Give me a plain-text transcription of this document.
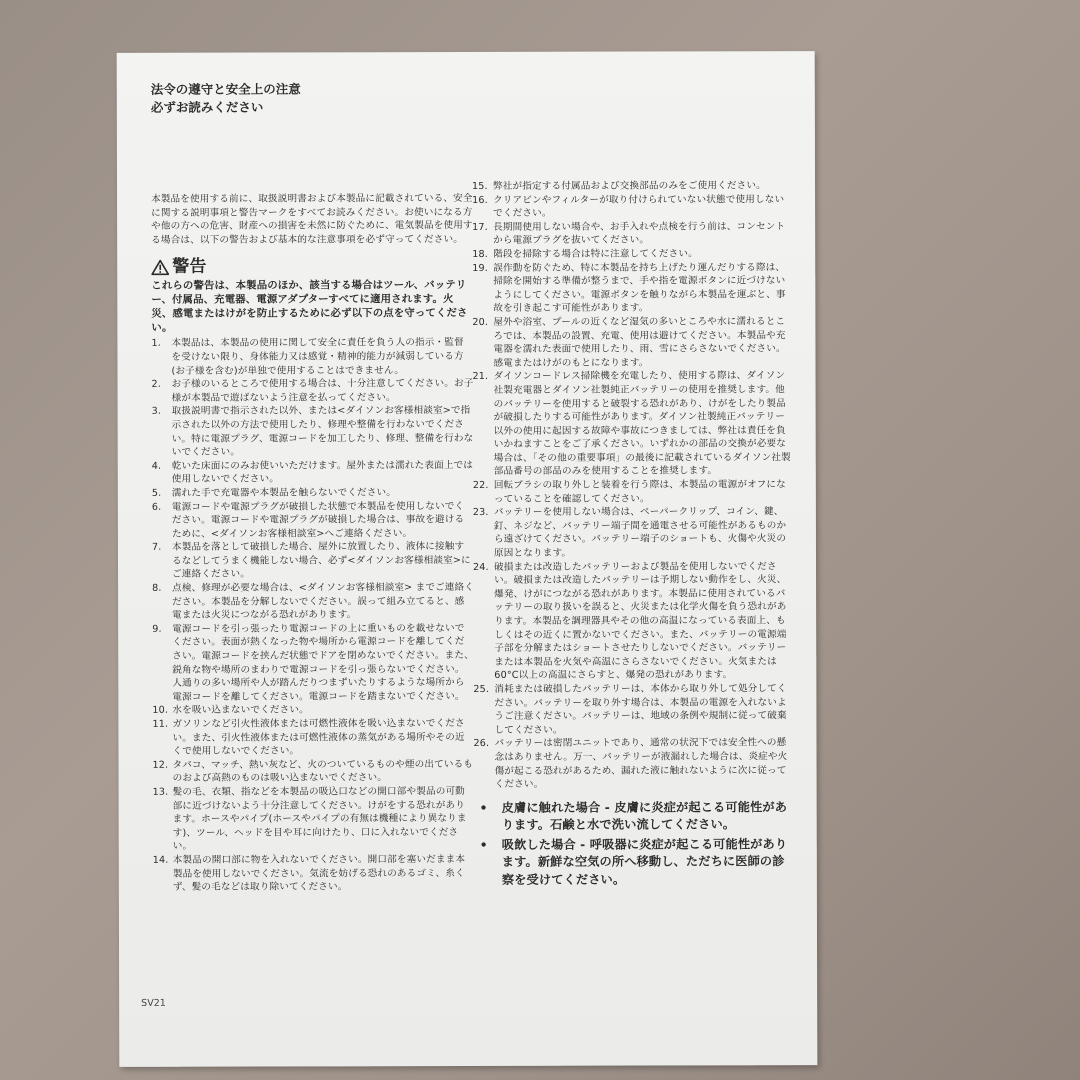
法令の遵守と安全上の注意
必ずお読みください

本製品を使用する前に、取扱説明書および本製品に記載されている、安全に関する説明事項と警告マークをすべてお読みください。お使いになる方や他の方への危害、財産への損害を未然に防ぐために、電気製品を使用する場合は、以下の警告および基本的な注意事項を必ず守ってください。

警告

これらの警告は、本製品のほか、該当する場合はツール、バッテリー、付属品、充電器、電源アダプターすべてに適用されます。火災、感電またはけがを防止するために必ず以下の点を守ってください。

1.	本製品は、本製品の使用に関して安全に責任を負う人の指示・監督を受けない限り、身体能力又は感覚・精神的能力が減弱している方(お子様を含む)が単独で使用することはできません。
2.	お子様のいるところで使用する場合は、十分注意してください。お子様が本製品で遊ばないよう注意を払ってください。
3.	取扱説明書で指示された以外、または<ダイソンお客様相談室>で指示された以外の方法で使用したり、修理や整備を行わないでください。特に電源プラグ、電源コードを加工したり、修理、整備を行わないでください。
4.	乾いた床面にのみお使いいただけます。屋外または濡れた表面上では使用しないでください。
5.	濡れた手で充電器や本製品を触らないでください。
6.	電源コードや電源プラグが破損した状態で本製品を使用しないでください。電源コードや電源プラグが破損した場合は、事故を避けるために、<ダイソンお客様相談室>へご連絡ください。
7.	本製品を落として破損した場合、屋外に放置したり、液体に接触するなどしてうまく機能しない場合、必ず<ダイソンお客様相談室>にご連絡ください。
8.	点検、修理が必要な場合は、<ダイソンお客様相談室> までご連絡ください。本製品を分解しないでください。誤って組み立てると、感電または火災につながる恐れがあります。
9.	電源コードを引っ張ったり電源コードの上に重いものを載せないでください。表面が熱くなった物や場所から電源コードを離してください。電源コードを挟んだ状態でドアを閉めないでください。また、鋭角な物や場所のまわりで電源コードを引っ張らないでください。人通りの多い場所や人が踏んだりつまずいたりするような場所から電源コードを離してください。電源コードを踏まないでください。
10. 水を吸い込まないでください。
11. ガソリンなど引火性液体または可燃性液体を吸い込まないでください。また、引火性液体または可燃性液体の蒸気がある場所やその近くで使用しないでください。
12. タバコ、マッチ、熱い灰など、火のついているものや煙の出ているものおよび高熱のものは吸い込まないでください。
13. 髪の毛、衣類、指などを本製品の吸込口などの開口部や製品の可動部に近づけないよう十分注意してください。けがをする恐れがあります。ホースやパイプ(ホースやパイプの有無は機種により異なります)、ツール、ヘッドを目や耳に向けたり、口に入れないでください。
14. 本製品の開口部に物を入れないでください。開口部を塞いだまま本製品を使用しないでください。気流を妨げる恐れのあるゴミ、糸くず、髪の毛などは取り除いてください。
15. 弊社が指定する付属品および交換部品のみをご使用ください。
16. クリアビンやフィルターが取り付けられていない状態で使用しないでください。
17. 長期間使用しない場合や、お手入れや点検を行う前は、コンセントから電源プラグを抜いてください。
18. 階段を掃除する場合は特に注意してください。
19. 誤作動を防ぐため、特に本製品を持ち上げたり運んだりする際は、掃除を開始する準備が整うまで、手や指を電源ボタンに近づけないようにしてください。電源ボタンを触りながら本製品を運ぶと、事故を引き起こす可能性があります。
20. 屋外や浴室、プールの近くなど湿気の多いところや水に濡れるところでは、本製品の設置、充電、使用は避けてください。本製品や充電器を濡れた表面で使用したり、雨、雪にさらさないでください。感電またはけがのもとになります。
21. ダイソンコードレス掃除機を充電したり、使用する際は、ダイソン社製充電器とダイソン社製純正バッテリーの使用を推奨します。他のバッテリーを使用すると破裂する恐れがあり、けがをしたり製品が破損したりする可能性があります。ダイソン社製純正バッテリー以外の使用に起因する故障や事故につきましては、弊社は責任を負いかねますことをご了承ください。いずれかの部品の交換が必要な場合は、「その他の重要事項」の最後に記載されているダイソン社製部品番号の部品のみを使用することを推奨します。
22. 回転ブラシの取り外しと装着を行う際は、本製品の電源がオフになっていることを確認してください。
23. バッテリーを使用しない場合は、ペーパークリップ、コイン、鍵、釘、ネジなど、バッテリー端子間を通電させる可能性があるものから遠ざけてください。バッテリー端子のショートも、火傷や火災の原因となります。
24. 破損または改造したバッテリーおよび製品を使用しないでください。破損または改造したバッテリーは予期しない動作をし、火災、爆発、けがにつながる恐れがあります。本製品に使用されているバッテリーの取り扱いを誤ると、火災または化学火傷を負う恐れがあります。本製品を調理器具やその他の高温になっている表面上、もしくはその近くに置かないでください。また、バッテリーの電源端子部を分解またはショートさせたりしないでください。バッテリーまたは本製品を火気や高温にさらさないでください。火気または60°C以上の高温にさらすと、爆発の恐れがあります。
25. 消耗または破損したバッテリーは、本体から取り外して処分してください。バッテリーを取り外す場合は、本製品の電源を入れないようご注意ください。バッテリーは、地域の条例や規制に従って破棄してください。
26. バッテリーは密閉ユニットであり、通常の状況下では安全性への懸念はありません。万一、バッテリーが液漏れした場合は、炎症や火傷が起こる恐れがあるため、漏れた液に触れないように次に従ってください。
•	皮膚に触れた場合 - 皮膚に炎症が起こる可能性があります。石鹸と水で洗い流してください。
•	吸飲した場合 - 呼吸器に炎症が起こる可能性があります。新鮮な空気の所へ移動し、ただちに医師の診察を受けてください。
SV21
